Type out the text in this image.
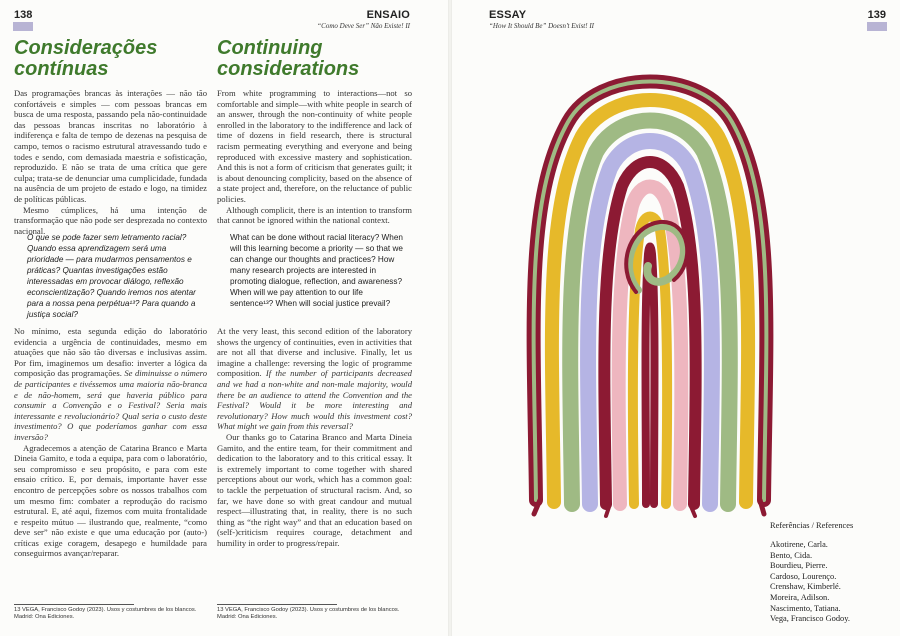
138	ENSAIO
“Como Deve Ser” Não Existe! II
Considerações
contínuas
Continuing
considerations

Das programações brancas às interações — não tão confortáveis e simples — com pessoas brancas em busca de uma resposta, passando pela não-continuidade das pessoas brancas inscritas no laboratório à indiferença e falta de tempo de dezenas na pesquisa de campo, temos o racismo estrutural atravessando tudo e todes e sendo, com demasiada maestria e sofisticação, reproduzido. E não se trata de uma crítica que gere culpa; trata-se de denunciar uma cumplicidade, fundada na ausência de um projeto de estado e logo, na timidez de políticas públicas.

Mesmo cúmplices, há uma intenção de transformação que não pode ser desprezada no contexto nacional.

O que se pode fazer sem letramento racial? Quando essa aprendizagem será uma prioridade — para mudarmos pensamentos e práticas? Quantas investigações estão interessadas em provocar diálogo, reflexão econscientização? Quando iremos nos atentar para a nossa pena perpétua¹³? Para quando a justiça social?

No mínimo, esta segunda edição do laboratório evidencia a urgência de continuidades, mesmo em atuações que não são tão diversas e inclusivas assim. Por fim, imaginemos um desafio: inverter a lógica da composição das programações. Se diminuisse o número de participantes e tivéssemos uma maioria não-branca e de não-homem, será que haveria público para consumir a Convenção e o Festival? Seria mais interessante e revolucionário? Qual seria o custo deste investimento? O que poderíamos ganhar com essa inversão?

Agradecemos a atenção de Catarina Branco e Marta Dineia Gamito, e toda a equipa, para com o laboratório, seu compromisso e seu propósito, e para com este ensaio crítico. E, por demais, importante haver esse encontro de percepções sobre os nossos trabalhos com um mesmo fim: combater a reprodução do racismo estrutural. E, até aqui, fizemos com muita frontalidade e respeito mútuo — ilustrando que, realmente, “como deve ser” não existe e que uma educação por (auto-) críticas exige coragem, desapego e humildade para conseguirmos avançar/reparar.

From white programming to interactions—not so comfortable and simple—with white people in search of an answer, through the non-continuity of white people enrolled in the laboratory to the indifference and lack of time of dozens in field research, there is structural racism permeating everything and everyone and being reproduced with excessive mastery and sophistication. And this is not a form of criticism that generates guilt; it is about denouncing complicity, based on the absence of a state project and, therefore, on the reluctance of public policies.

Although complicit, there is an intention to transform that cannot be ignored within the national context.

What can be done without racial literacy? When will this learning become a priority — so that we can change our thoughts and practices? How many research projects are interested in promoting dialogue, reflection, and awareness? When will we pay attention to our life sentence¹³? When will social justice prevail?

At the very least, this second edition of the laboratory shows the urgency of continuities, even in activities that are not all that diverse and inclusive. Finally, let us imagine a challenge: reversing the logic of programme composition. If the number of participants decreased and we had a non-white and non-male majority, would there be an audience to attend the Convention and the Festival? Would it be more interesting and revolutionary? How much would this investment cost? What might we gain from this reversal?

Our thanks go to Catarina Branco and Marta Dineia Gamito, and the entire team, for their commitment and dedication to the laboratory and to this critical essay. It is extremely important to come together with shared perceptions about our work, which has a common goal: to tackle the perpetuation of structural racism. And, so far, we have done so with great candour and mutual respect—illustrating that, in reality, there is no such thing as “the right way” and that an education based on (self-)criticism requires courage, detachment and humility in order to progress/repair.

13 VEGA, Francisco Godoy (2023). Usos y costumbres de los blancos. Madrid: Ona Ediciones.
13 VEGA, Francisco Godoy (2023). Usos y costumbres de los blancos. Madrid: Ona Ediciones.
ESSAY
“How It Should Be” Doesn’t Exist! II
139
Referências / References
Akotirene, Carla.
Bento, Cida.
Bourdieu, Pierre.
Cardoso, Lourenço.
Crenshaw, Kimberlé.
Moreira, Adilson.
Nascimento, Tatiana.
Vega, Francisco Godoy.
